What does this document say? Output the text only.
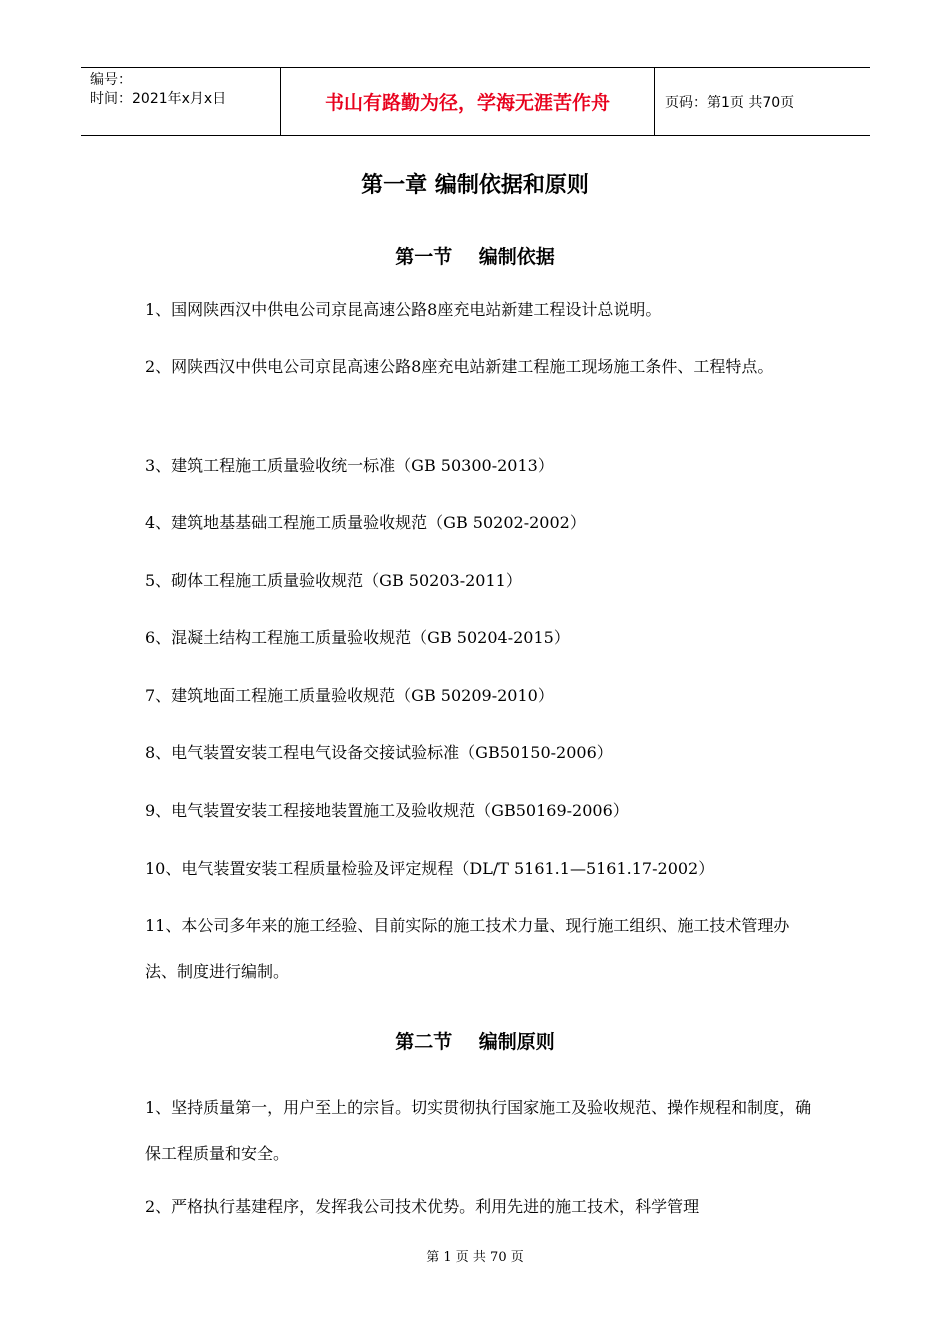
编号：
时间：2021年x月x日	书山有路勤为径，学海无涯苦作舟	页码：第1页 共70页
第一章 编制依据和原则
第一节    编制依据

1、国网陕西汉中供电公司京昆高速公路8座充电站新建工程设计总说明。

2、网陕西汉中供电公司京昆高速公路8座充电站新建工程施工现场施工条件、工程特点。

3、建筑工程施工质量验收统一标准（GB 50300-2013）

4、建筑地基基础工程施工质量验收规范（GB 50202-2002）

5、砌体工程施工质量验收规范（GB 50203-2011）

6、混凝土结构工程施工质量验收规范（GB 50204-2015）

7、建筑地面工程施工质量验收规范（GB 50209-2010）

8、电气装置安装工程电气设备交接试验标准（GB50150-2006）

9、电气装置安装工程接地装置施工及验收规范（GB50169-2006）

10、电气装置安装工程质量检验及评定规程（DL/T 5161.1—5161.17-2002）

11、本公司多年来的施工经验、目前实际的施工技术力量、现行施工组织、施工技术管理办法、制度进行编制。

第二节    编制原则

1、坚持质量第一，用户至上的宗旨。切实贯彻执行国家施工及验收规范、操作规程和制度，确保工程质量和安全。

2、严格执行基建程序，发挥我公司技术优势。利用先进的施工技术，科学管理

第 1 页 共 70 页
